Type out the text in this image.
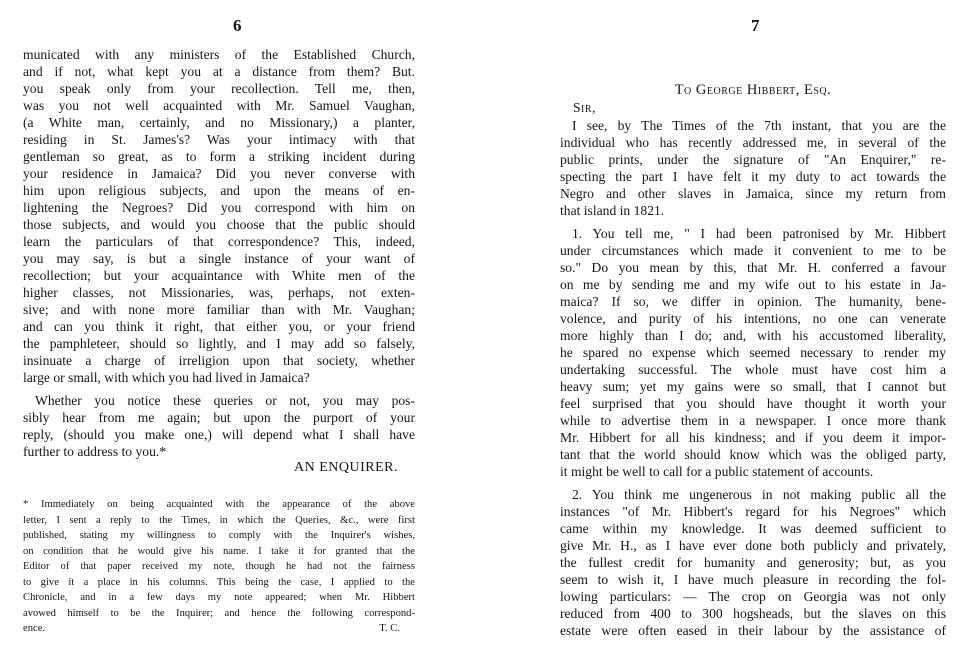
6
municated with any ministers of the Established Church,
and if not, what kept you at a distance from them? But.
you speak only from your recollection. Tell me, then,
was you not well acquainted with Mr. Samuel Vaughan,
(a White man, certainly, and no Missionary,) a planter,
residing in St. James's? Was your intimacy with that
gentleman so great, as to form a striking incident during
your residence in Jamaica? Did you never converse with
him upon religious subjects, and upon the means of en-
lightening the Negroes? Did you correspond with him on
those subjects, and would you choose that the public should
learn the particulars of that correspondence? This, indeed,
you may say, is but a single instance of your want of
recollection; but your acquaintance with White men of the
higher classes, not Missionaries, was, perhaps, not exten-
sive; and with none more familiar than with Mr. Vaughan;
and can you think it right, that either you, or your friend
the pamphleteer, should so lightly, and I may add so falsely,
insinuate a charge of irreligion upon that society, whether
large or small, with which you had lived in Jamaica?
Whether you notice these queries or not, you may pos-
sibly hear from me again; but upon the purport of your
reply, (should you make one,) will depend what I shall have
further to address to you.*
AN ENQUIRER.
* Immediately on being acquainted with the appearance of the above
letter, I sent a reply to the Times, in which the Queries, &c., were first
published, stating my willingness to comply with the Inquirer's wishes,
on condition that he would give his name. I take it for granted that the
Editor of that paper received my note, though he had not the fairness
to give it a place in his columns. This being the case, I applied to the
Chronicle, and in a few days my note appeared; when Mr. Hibbert
avowed himself to be the Inquirer; and hence the following correspond-
ence.	T. C.
7
To George Hibbert, Esq.
Sir,
I see, by The Times of the 7th instant, that you are the
individual who has recently addressed me, in several of the
public prints, under the signature of "An Enquirer," re-
specting the part I have felt it my duty to act towards the
Negro and other slaves in Jamaica, since my return from
that island in 1821.
1. You tell me, " I had been patronised by Mr. Hibbert
under circumstances which made it convenient to me to be
so." Do you mean by this, that Mr. H. conferred a favour
on me by sending me and my wife out to his estate in Ja-
maica? If so, we differ in opinion. The humanity, bene-
volence, and purity of his intentions, no one can venerate
more highly than I do; and, with his accustomed liberality,
he spared no expense which seemed necessary to render my
undertaking successful. The whole must have cost him a
heavy sum; yet my gains were so small, that I cannot but
feel surprised that you should have thought it worth your
while to advertise them in a newspaper. I once more thank
Mr. Hibbert for all his kindness; and if you deem it impor-
tant that the world should know which was the obliged party,
it might be well to call for a public statement of accounts.
2. You think me ungenerous in not making public all the
instances "of Mr. Hibbert's regard for his Negroes" which
came within my knowledge. It was deemed sufficient to
give Mr. H., as I have ever done both publicly and privately,
the fullest credit for humanity and generosity; but, as you
seem to wish it, I have much pleasure in recording the fol-
lowing particulars: — The crop on Georgia was not only
reduced from 400 to 300 hogsheads, but the slaves on this
estate were often eased in their labour by the assistance of
